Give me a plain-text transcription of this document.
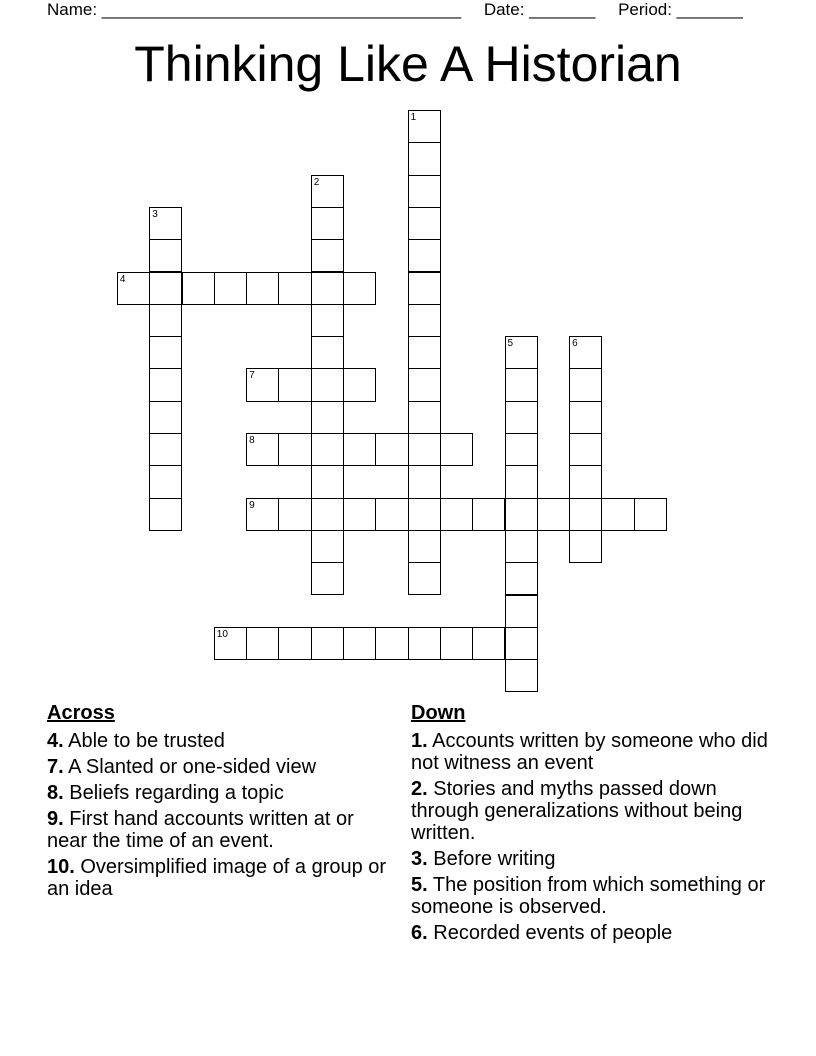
Name: ______________________________________ Date: _______ Period: _______
Thinking Like A Historian
1
2
3
4
5	6
7
8
9
10
Across
4. Able to be trusted
7. A Slanted or one-sided view
8. Beliefs regarding a topic
9. First hand accounts written at or near the time of an event.
10. Oversimplified image of a group or an idea
Down
1. Accounts written by someone who did not witness an event
2. Stories and myths passed down through generalizations without being written.
3. Before writing
5. The position from which something or someone is observed.
6. Recorded events of people
